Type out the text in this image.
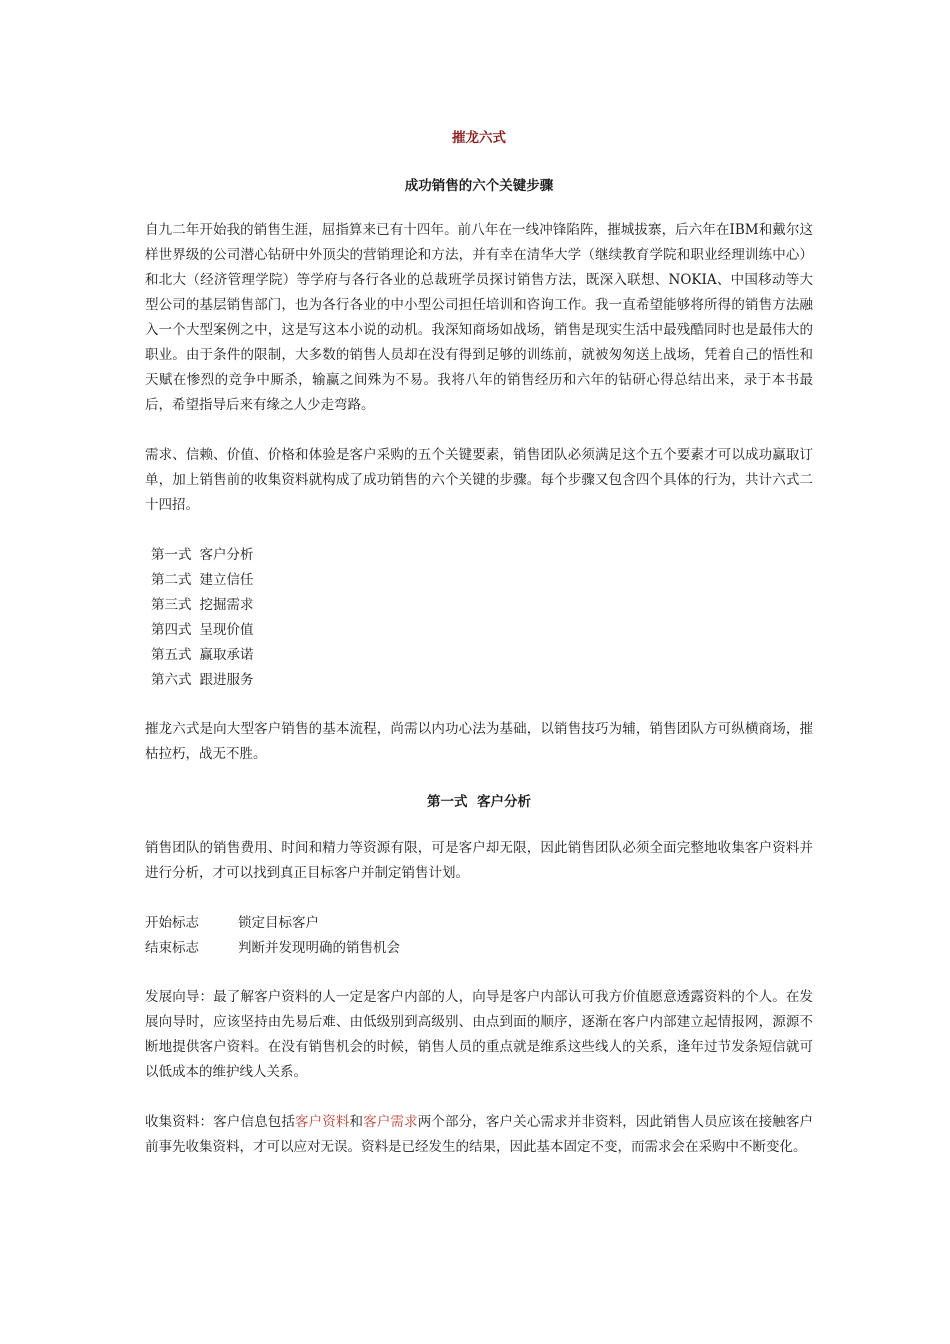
摧龙六式
成功销售的六个关键步骤
自九二年开始我的销售生涯，屈指算来已有十四年。前八年在一线冲锋陷阵，摧城拔寨，后六年在IBM和戴尔这样世界级的公司潜心钻研中外顶尖的营销理论和方法，并有幸在清华大学（继续教育学院和职业经理训练中心）和北大（经济管理学院）等学府与各行各业的总裁班学员探讨销售方法，既深入联想、NOKIA、中国移动等大型公司的基层销售部门，也为各行各业的中小型公司担任培训和咨询工作。我一直希望能够将所得的销售方法融入一个大型案例之中，这是写这本小说的动机。我深知商场如战场，销售是现实生活中最残酷同时也是最伟大的职业。由于条件的限制，大多数的销售人员却在没有得到足够的训练前，就被匆匆送上战场，凭着自己的悟性和天赋在惨烈的竞争中厮杀，输赢之间殊为不易。我将八年的销售经历和六年的钻研心得总结出来，录于本书最后，希望指导后来有缘之人少走弯路。
需求、信赖、价值、价格和体验是客户采购的五个关键要素，销售团队必须满足这个五个要素才可以成功赢取订单，加上销售前的收集资料就构成了成功销售的六个关键的步骤。每个步骤又包含四个具体的行为，共计六式二十四招。
第一式 客户分析
第二式 建立信任
第三式 挖掘需求
第四式 呈现价值
第五式 赢取承诺
第六式 跟进服务
摧龙六式是向大型客户销售的基本流程，尚需以内功心法为基础，以销售技巧为辅，销售团队方可纵横商场，摧枯拉朽，战无不胜。
第一式  客户分析
销售团队的销售费用、时间和精力等资源有限，可是客户却无限，因此销售团队必须全面完整地收集客户资料并进行分析，才可以找到真正目标客户并制定销售计划。
开始标志	锁定目标客户
结束标志	判断并发现明确的销售机会
发展向导：最了解客户资料的人一定是客户内部的人，向导是客户内部认可我方价值愿意透露资料的个人。在发展向导时，应该坚持由先易后难、由低级别到高级别、由点到面的顺序，逐渐在客户内部建立起情报网，源源不断地提供客户资料。在没有销售机会的时候，销售人员的重点就是维系这些线人的关系，逢年过节发条短信就可以低成本的维护线人关系。
收集资料：客户信息包括客户资料和客户需求两个部分，客户关心需求并非资料，因此销售人员应该在接触客户前事先收集资料，才可以应对无误。资料是已经发生的结果，因此基本固定不变，而需求会在采购中不断变化。
